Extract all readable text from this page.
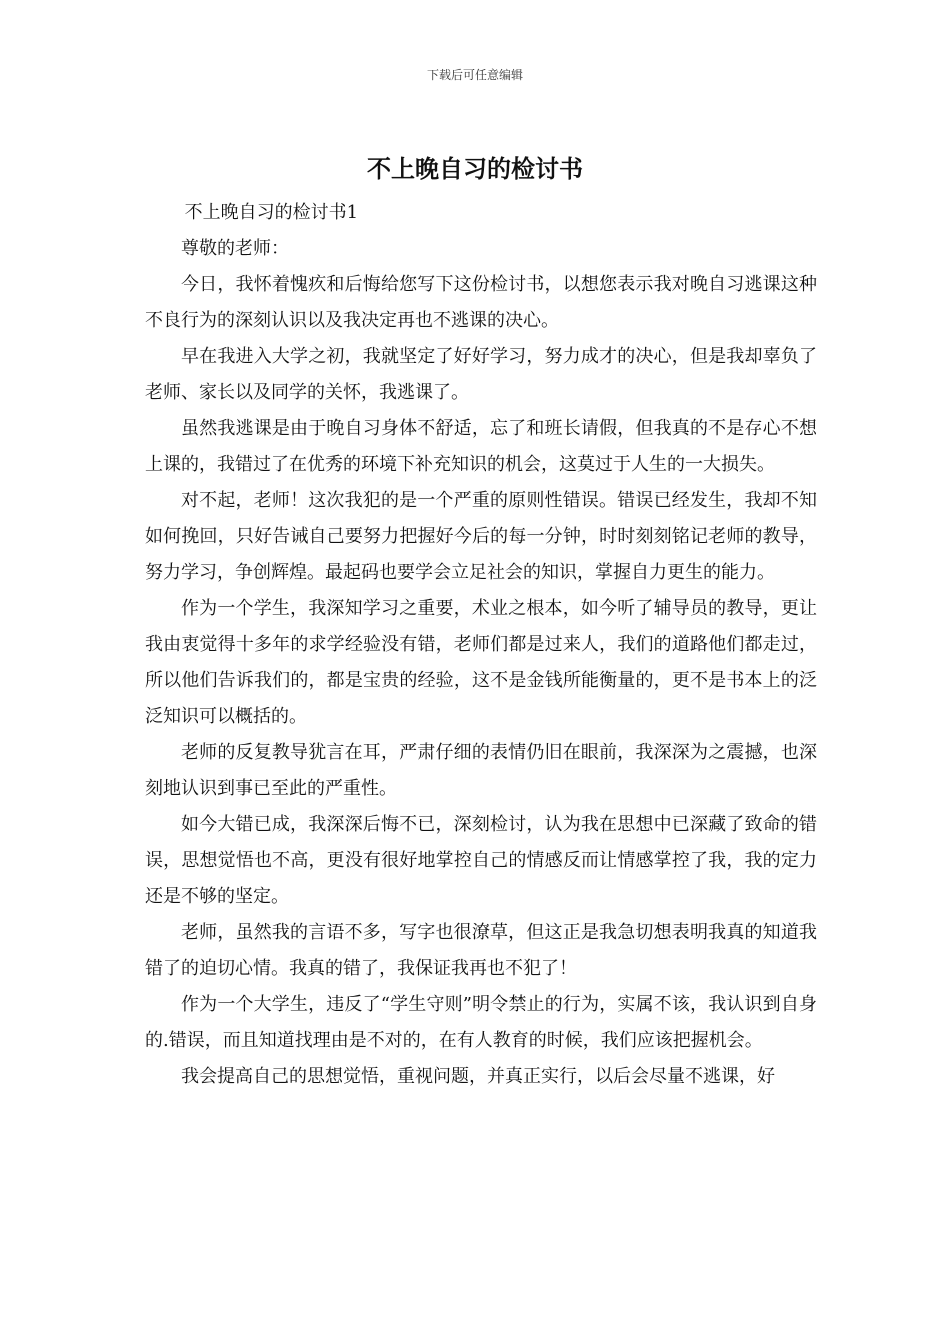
下载后可任意编辑
不上晚自习的检讨书

不上晚自习的检讨书1

尊敬的老师：

今日，我怀着愧疚和后悔给您写下这份检讨书，以想您表示我对晚自习逃课这种不良行为的深刻认识以及我决定再也不逃课的决心。

早在我进入大学之初，我就坚定了好好学习，努力成才的决心，但是我却辜负了老师、家长以及同学的关怀，我逃课了。

虽然我逃课是由于晚自习身体不舒适，忘了和班长请假，但我真的不是存心不想上课的，我错过了在优秀的环境下补充知识的机会，这莫过于人生的一大损失。

对不起，老师！这次我犯的是一个严重的原则性错误。错误已经发生，我却不知如何挽回，只好告诫自己要努力把握好今后的每一分钟，时时刻刻铭记老师的教导，努力学习，争创辉煌。最起码也要学会立足社会的知识，掌握自力更生的能力。

作为一个学生，我深知学习之重要，术业之根本，如今听了辅导员的教导，更让我由衷觉得十多年的求学经验没有错，老师们都是过来人，我们的道路他们都走过，所以他们告诉我们的，都是宝贵的经验，这不是金钱所能衡量的，更不是书本上的泛泛知识可以概括的。

老师的反复教导犹言在耳，严肃仔细的表情仍旧在眼前，我深深为之震撼，也深刻地认识到事已至此的严重性。

如今大错已成，我深深后悔不已，深刻检讨，认为我在思想中已深藏了致命的错误，思想觉悟也不高，更没有很好地掌控自己的情感反而让情感掌控了我，我的定力还是不够的坚定。

老师，虽然我的言语不多，写字也很潦草，但这正是我急切想表明我真的知道我错了的迫切心情。我真的错了，我保证我再也不犯了！

作为一个大学生，违反了“学生守则”明令禁止的行为，实属不该，我认识到自身的.错误，而且知道找理由是不对的，在有人教育的时候，我们应该把握机会。

我会提高自己的思想觉悟，重视问题，并真正实行，以后会尽量不逃课，好
